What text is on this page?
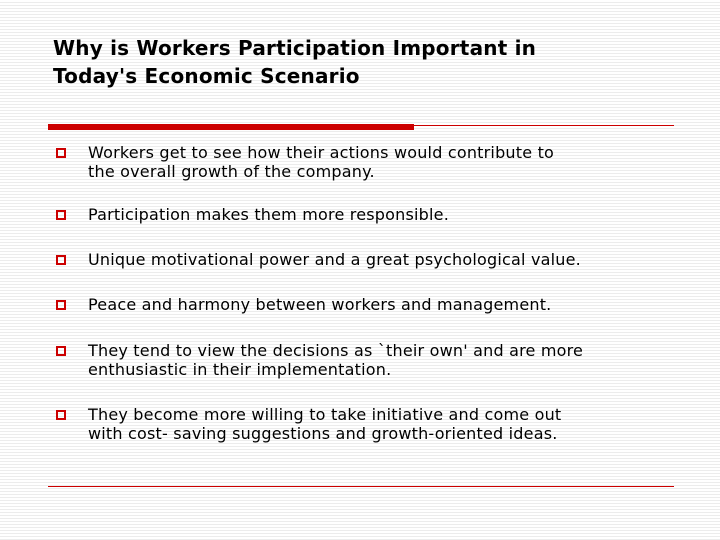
Why is Workers Participation Important in
Today's Economic Scenario
Workers get to see how their actions would contribute to
the overall growth of the company.
Participation makes them more responsible.
Unique motivational power and a great psychological value.
Peace and harmony between workers and management.
They tend to view the decisions as `their own' and are more
enthusiastic in their implementation.
They become more willing to take initiative and come out
with cost- saving suggestions and growth-oriented ideas.
